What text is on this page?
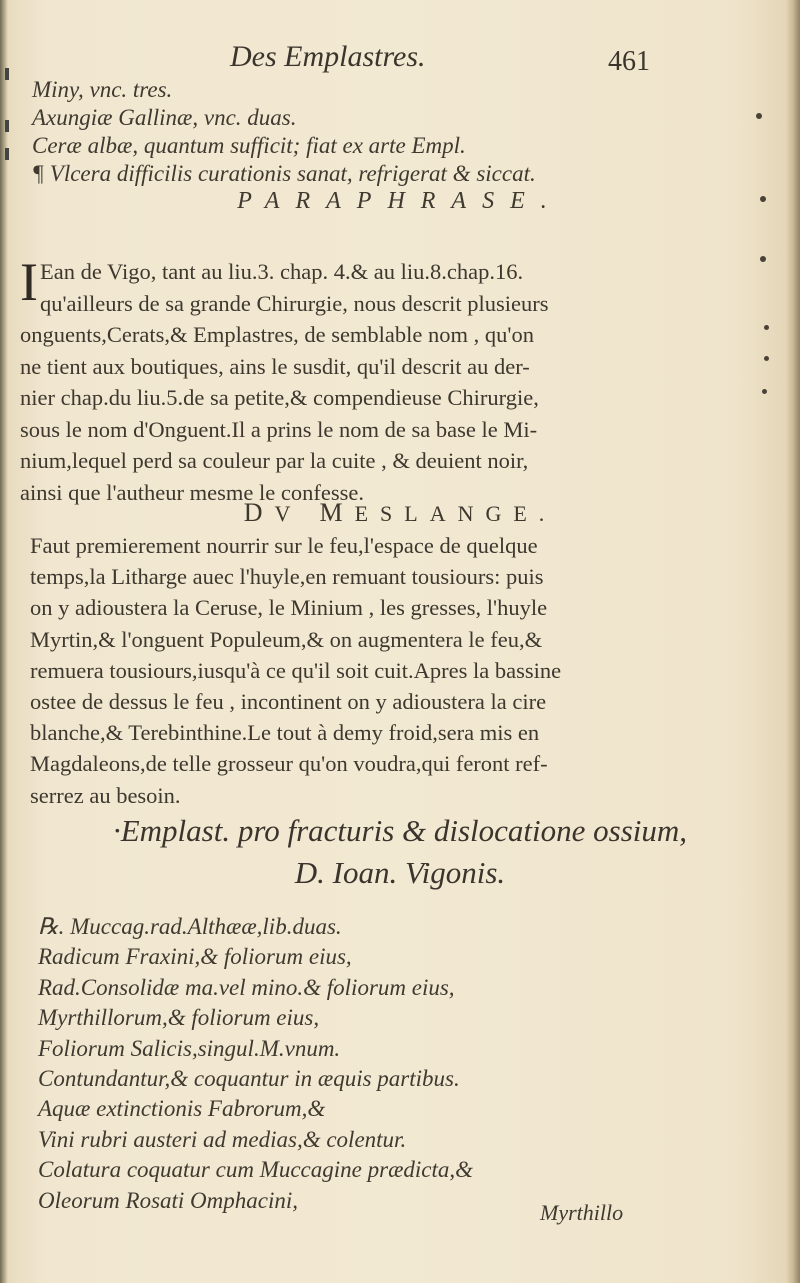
Des Emplastres.	461
Miny, vnc. tres.
Axungiæ Gallinæ, vnc. duas.
Ceræ albæ, quantum sufficit; fiat ex arte Empl.
¶ Vlcera difficilis curationis sanat, refrigerat & siccat.
PARAPHRASE.
I Ean de Vigo, tant au liu.3. chap. 4.& au liu.8.chap.16.
qu'ailleurs de sa grande Chirurgie, nous descrit plusieurs
onguents,Cerats,& Emplastres, de semblable nom , qu'on
ne tient aux boutiques, ains le susdit, qu'il descrit au der-
nier chap.du liu.5.de sa petite,& compendieuse Chirurgie,
sous le nom d'Onguent.Il a prins le nom de sa base le Mi-
nium,lequel perd sa couleur par la cuite , & deuient noir,
ainsi que l'autheur mesme le confesse.
DV MESLANGE.
Faut premierement nourrir sur le feu,l'espace de quelque
temps,la Litharge auec l'huyle,en remuant tousiours: puis
on y adioustera la Ceruse, le Minium , les gresses, l'huyle
Myrtin,& l'onguent Populeum,& on augmentera le feu,&
remuera tousiours,iusqu'à ce qu'il soit cuit.Apres la bassine
ostee de dessus le feu , incontinent on y adioustera la cire
blanche,& Terebinthine.Le tout à demy froid,sera mis en
Magdaleons,de telle grosseur qu'on voudra,qui feront ref-
serrez au besoin.
·Emplast. pro fracturis & dislocatione ossium,
D. Ioan. Vigonis.
℞. Muccag.rad.Althææ,lib.duas.
Radicum Fraxini,& foliorum eius,
Rad.Consolidæ ma.vel mino.& foliorum eius,
Myrthillorum,& foliorum eius,
Foliorum Salicis,singul.M.vnum.
Contundantur,& coquantur in æquis partibus.
Aquæ extinctionis Fabrorum,&
Vini rubri austeri ad medias,& colentur.
Colatura coquatur cum Muccagine prædicta,&
Oleorum Rosati Omphacini,	Myrthillo
